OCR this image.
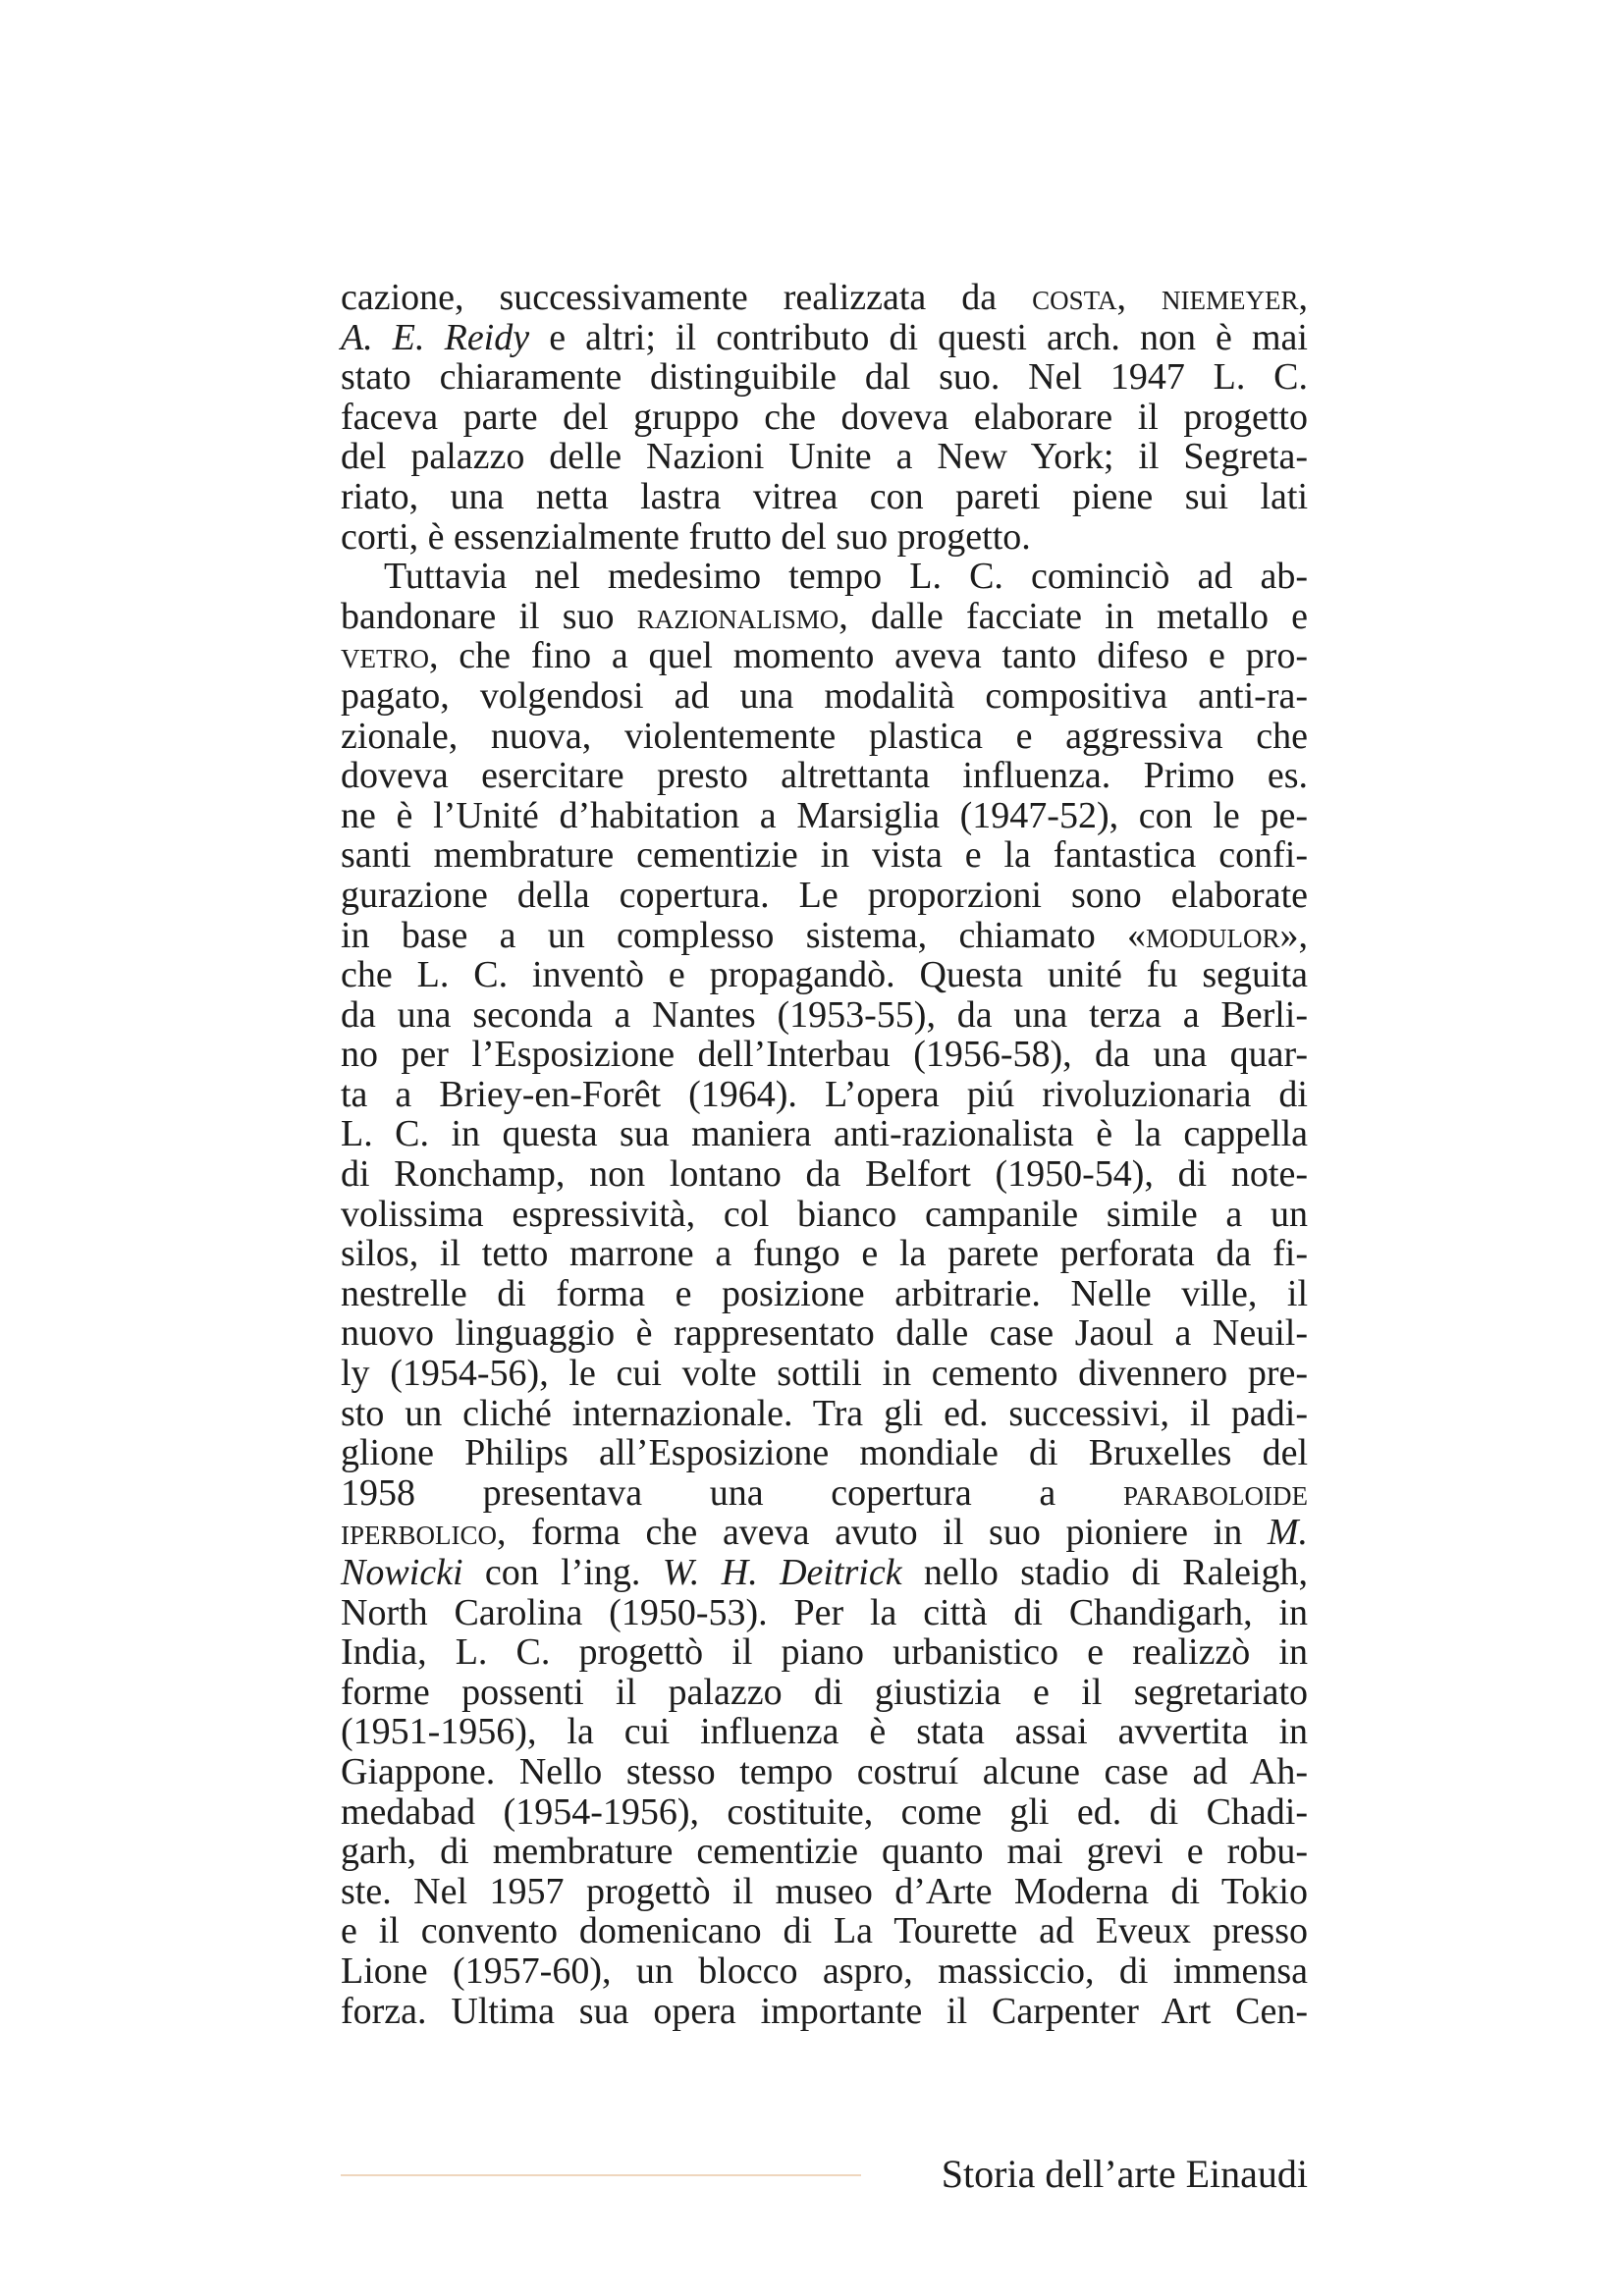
cazione, successivamente realizzata da costa, niemeyer,
A. E. Reidy e altri; il contributo di questi arch. non è mai
stato chiaramente distinguibile dal suo. Nel 1947 L. C.
faceva parte del gruppo che doveva elaborare il progetto
del palazzo delle Nazioni Unite a New York; il Segreta-
riato, una netta lastra vitrea con pareti piene sui lati
corti, è essenzialmente frutto del suo progetto.
Tuttavia nel medesimo tempo L. C. cominciò ad ab-
bandonare il suo razionalismo, dalle facciate in metallo e
vetro, che fino a quel momento aveva tanto difeso e pro-
pagato, volgendosi ad una modalità compositiva anti-ra-
zionale, nuova, violentemente plastica e aggressiva che
doveva esercitare presto altrettanta influenza. Primo es.
ne è l’Unité d’habitation a Marsiglia (1947-52), con le pe-
santi membrature cementizie in vista e la fantastica confi-
gurazione della copertura. Le proporzioni sono elaborate
in base a un complesso sistema, chiamato «modulor»,
che L. C. inventò e propagandò. Questa unité fu seguita
da una seconda a Nantes (1953-55), da una terza a Berli-
no per l’Esposizione dell’Interbau (1956-58), da una quar-
ta a Briey-en-Forêt (1964). L’opera piú rivoluzionaria di
L. C. in questa sua maniera anti-razionalista è la cappella
di Ronchamp, non lontano da Belfort (1950-54), di note-
volissima espressività, col bianco campanile simile a un
silos, il tetto marrone a fungo e la parete perforata da fi-
nestrelle di forma e posizione arbitrarie. Nelle ville, il
nuovo linguaggio è rappresentato dalle case Jaoul a Neuil-
ly (1954-56), le cui volte sottili in cemento divennero pre-
sto un cliché internazionale. Tra gli ed. successivi, il padi-
glione Philips all’Esposizione mondiale di Bruxelles del
1958 presentava una copertura a paraboloide
iperbolico, forma che aveva avuto il suo pioniere in M.
Nowicki con l’ing. W. H. Deitrick nello stadio di Raleigh,
North Carolina (1950-53). Per la città di Chandigarh, in
India, L. C. progettò il piano urbanistico e realizzò in
forme possenti il palazzo di giustizia e il segretariato
(1951-1956), la cui influenza è stata assai avvertita in
Giappone. Nello stesso tempo costruí alcune case ad Ah-
medabad (1954-1956), costituite, come gli ed. di Chadi-
garh, di membrature cementizie quanto mai grevi e robu-
ste. Nel 1957 progettò il museo d’Arte Moderna di Tokio
e il convento domenicano di La Tourette ad Eveux presso
Lione (1957-60), un blocco aspro, massiccio, di immensa
forza. Ultima sua opera importante il Carpenter Art Cen-
Storia dell’arte Einaudi
